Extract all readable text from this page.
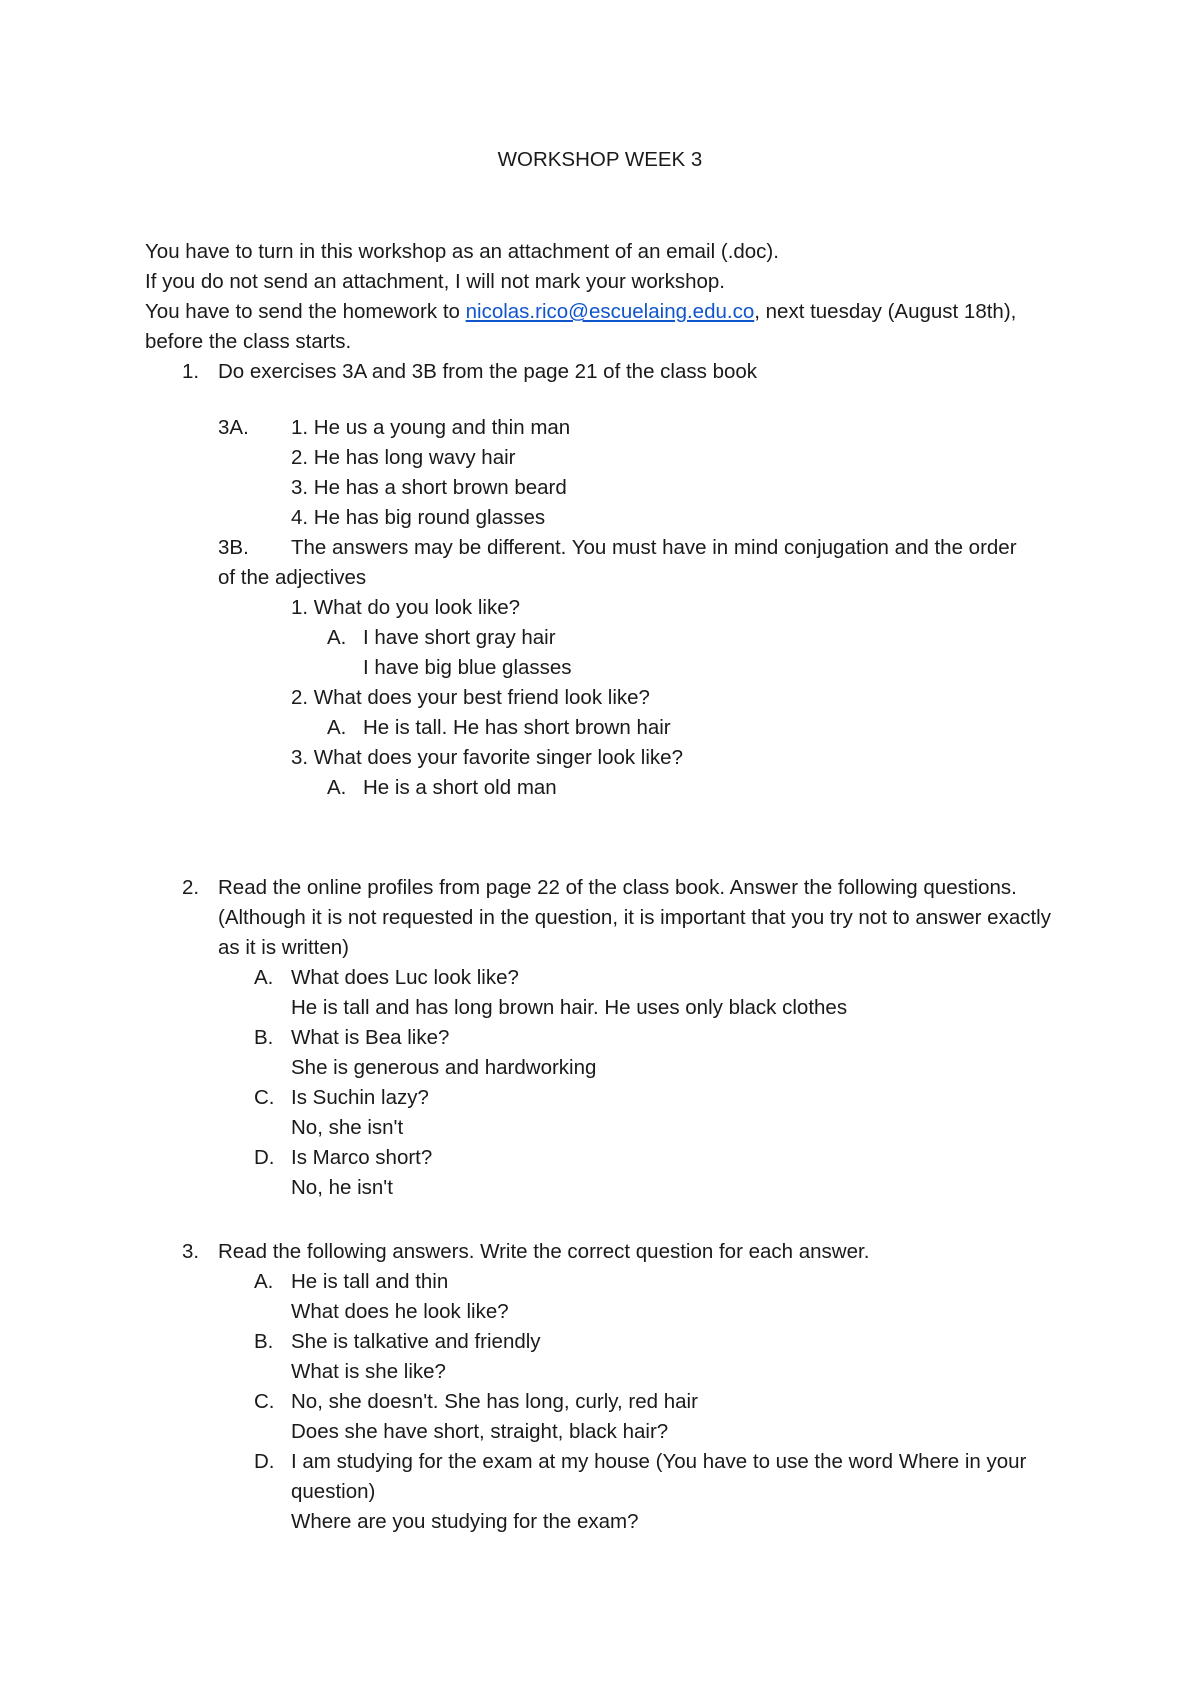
WORKSHOP WEEK 3

You have to turn in this workshop as an attachment of an email (.doc).

If you do not send an attachment, I will not mark your workshop.

You have to send the homework to nicolas.rico@escuelaing.edu.co, next tuesday (August 18th), before the class starts.

1. Do exercises 3A and 3B from the page 21 of the class book
3A. 1. He us a young and thin man
2. He has long wavy hair
3. He has a short brown beard
4. He has big round glasses
3B.	The answers may be different. You must have in mind conjugation and the order of the adjectives
1. What do you look like?
A. I have short gray hair
I have big blue glasses
2. What does your best friend look like?
A. He is tall. He has short brown hair
3. What does your favorite singer look like?
A. He is a short old man
2. Read the online profiles from page 22 of the class book. Answer the following questions. (Although it is not requested in the question, it is important that you try not to answer exactly as it is written)
A. What does Luc look like?
He is tall and has long brown hair. He uses only black clothes
B. What is Bea like?
She is generous and hardworking
C. Is Suchin lazy?
No, she isn't
D. Is Marco short?
No, he isn't
3. Read the following answers. Write the correct question for each answer.
A. He is tall and thin
What does he look like?
B. She is talkative and friendly
What is she like?
C. No, she doesn't. She has long, curly, red hair
Does she have short, straight, black hair?
D. I am studying for the exam at my house (You have to use the word Where in your question)
Where are you studying for the exam?
